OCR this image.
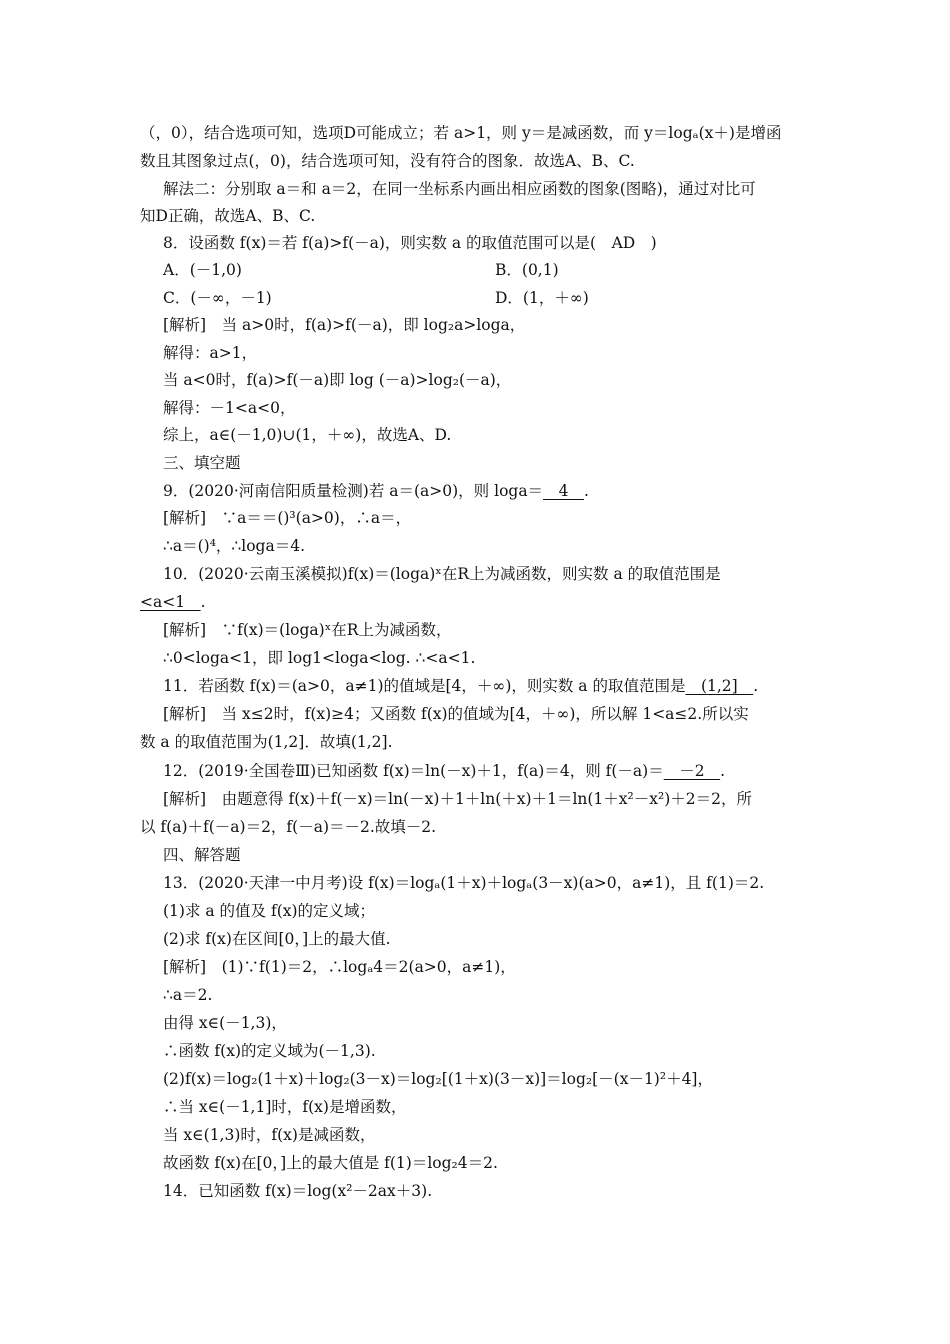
（，0），结合选项可知，选项D可能成立；若 a>1，则 y＝是减函数，而 y＝logₐ(x＋)是增函
数且其图象过点(，0)，结合选项可知，没有符合的图象．故选A、B、C.
解法二：分别取 a＝和 a＝2，在同一坐标系内画出相应函数的图象(图略)，通过对比可
知D正确，故选A、B、C.
8．设函数 f(x)＝若 f(a)>f(－a)，则实数 a 的取值范围可以是(　AD　)
A．(－1,0)	B．(0,1)
C．(－∞，－1)	D．(1，＋∞)
[解析]　当 a>0时，f(a)>f(－a)，即 log₂a>loga，
解得：a>1，
当 a<0时，f(a)>f(－a)即 log (－a)>log₂(－a)，
解得：－1<a<0，
综上，a∈(－1,0)∪(1，＋∞)，故选A、D.
三、填空题
9．(2020·河南信阳质量检测)若 a＝(a>0)，则 loga＝　4　.
[解析]　∵a＝＝()³(a>0)，∴a＝，
∴a＝()⁴，∴loga＝4.
10．(2020·云南玉溪模拟)f(x)＝(loga)ˣ在R上为减函数，则实数 a 的取值范围是
<a<1　.
[解析]　∵f(x)＝(loga)ˣ在R上为减函数，
∴0<loga<1，即 log1<loga<log. ∴<a<1.
11．若函数 f(x)＝(a>0，a≠1)的值域是[4，＋∞)，则实数 a 的取值范围是　(1,2]　.
[解析]　当 x≤2时，f(x)≥4；又函数 f(x)的值域为[4，＋∞)，所以解 1<a≤2.所以实
数 a 的取值范围为(1,2]．故填(1,2].
12．(2019·全国卷Ⅲ)已知函数 f(x)＝ln(－x)＋1，f(a)＝4，则 f(－a)＝　－2　.
[解析]　由题意得 f(x)＋f(－x)＝ln(－x)＋1＋ln(＋x)＋1＝ln(1＋x²－x²)＋2＝2，所
以 f(a)＋f(－a)＝2，f(－a)＝－2.故填－2.
四、解答题
13．(2020·天津一中月考)设 f(x)＝logₐ(1＋x)＋logₐ(3－x)(a>0，a≠1)，且 f(1)＝2.
(1)求 a 的值及 f(x)的定义域；
(2)求 f(x)在区间[0，]上的最大值.
[解析]　(1)∵f(1)＝2，∴logₐ4＝2(a>0，a≠1)，
∴a＝2.
由得 x∈(－1,3)，
∴函数 f(x)的定义域为(－1,3).
(2)f(x)＝log₂(1＋x)＋log₂(3－x)＝log₂[(1＋x)(3－x)]＝log₂[－(x－1)²＋4]，
∴当 x∈(－1,1]时，f(x)是增函数，
当 x∈(1,3)时，f(x)是减函数，
故函数 f(x)在[0，]上的最大值是 f(1)＝log₂4＝2.
14．已知函数 f(x)＝log(x²－2ax＋3).
